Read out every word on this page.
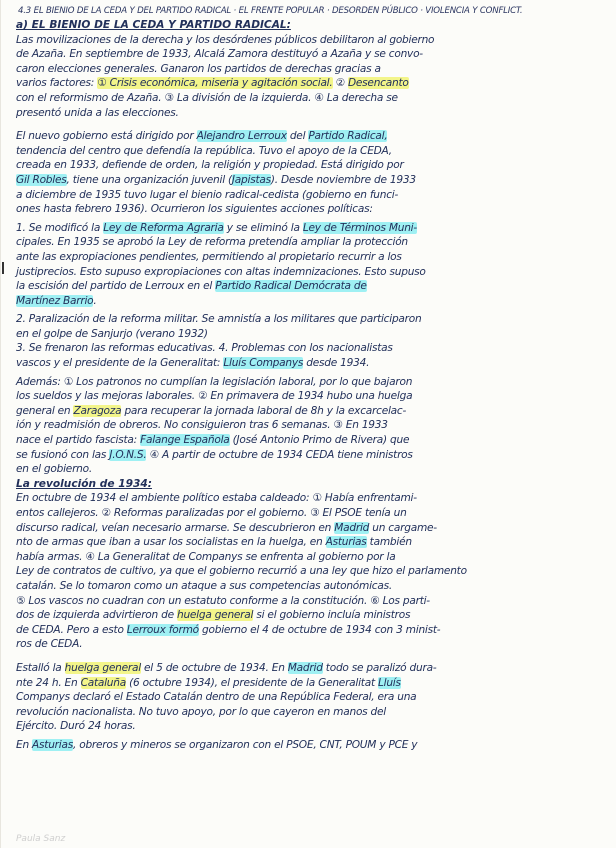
4.3 EL BIENIO DE LA CEDA Y DEL PARTIDO RADICAL · EL FRENTE POPULAR · DESORDEN PÚBLICO · VIOLENCIA Y CONFLICT.
a) EL BIENIO DE LA CEDA Y PARTIDO RADICAL:
Las movilizaciones de la derecha y los desórdenes públicos debilitaron al gobierno
de Azaña. En septiembre de 1933, Alcalá Zamora destituyó a Azaña y se convo-
caron elecciones generales. Ganaron los partidos de derechas gracias a
varios factores: ① Crisis económica, miseria y agitación social. ② Desencanto
con el reformismo de Azaña. ③ La división de la izquierda. ④ La derecha se
presentó unida a las elecciones.
El nuevo gobierno está dirigido por Alejandro Lerroux del Partido Radical,
tendencia del centro que defendía la república. Tuvo el apoyo de la CEDA,
creada en 1933, defiende de orden, la religión y propiedad. Está dirigido por
Gil Robles, tiene una organización juvenil (Japistas). Desde noviembre de 1933
a diciembre de 1935 tuvo lugar el bienio radical-cedista (gobierno en funci-
ones hasta febrero 1936). Ocurrieron los siguientes acciones políticas:
1. Se modificó la Ley de Reforma Agraria y se eliminó la Ley de Términos Muni-
cipales. En 1935 se aprobó la Ley de reforma pretendía ampliar la protección
ante las expropiaciones pendientes, permitiendo al propietario recurrir a los
justiprecios. Esto supuso expropiaciones con altas indemnizaciones. Esto supuso
la escisión del partido de Lerroux en el Partido Radical Demócrata de
Martínez Barrio.
2. Paralización de la reforma militar. Se amnistía a los militares que participaron
en el golpe de Sanjurjo (verano 1932)
3. Se frenaron las reformas educativas. 4. Problemas con los nacionalistas
vascos y el presidente de la Generalitat: Lluís Companys desde 1934.
Además: ① Los patronos no cumplían la legislación laboral, por lo que bajaron
los sueldos y las mejoras laborales. ② En primavera de 1934 hubo una huelga
general en Zaragoza para recuperar la jornada laboral de 8h y la excarcelac-
ión y readmisión de obreros. No consiguieron tras 6 semanas. ③ En 1933
nace el partido fascista: Falange Española (José Antonio Primo de Rivera) que
se fusionó con las J.O.N.S. ④ A partir de octubre de 1934 CEDA tiene ministros
en el gobierno.
La revolución de 1934:
En octubre de 1934 el ambiente político estaba caldeado: ① Había enfrentami-
entos callejeros. ② Reformas paralizadas por el gobierno. ③ El PSOE tenía un
discurso radical, veían necesario armarse. Se descubrieron en Madrid un cargame-
nto de armas que iban a usar los socialistas en la huelga, en Asturias también
había armas. ④ La Generalitat de Companys se enfrenta al gobierno por la
Ley de contratos de cultivo, ya que el gobierno recurrió a una ley que hizo el parlamento
catalán. Se lo tomaron como un ataque a sus competencias autonómicas.
⑤ Los vascos no cuadran con un estatuto conforme a la constitución. ⑥ Los parti-
dos de izquierda advirtieron de huelga general si el gobierno incluía ministros
de CEDA. Pero a esto Lerroux formó gobierno el 4 de octubre de 1934 con 3 minist-
ros de CEDA.
Estalló la huelga general el 5 de octubre de 1934. En Madrid todo se paralizó dura-
nte 24 h. En Cataluña (6 octubre 1934), el presidente de la Generalitat Lluís
Companys declaró el Estado Catalán dentro de una República Federal, era una
revolución nacionalista. No tuvo apoyo, por lo que cayeron en manos del
Ejército. Duró 24 horas.
En Asturias, obreros y mineros se organizaron con el PSOE, CNT, POUM y PCE y
Paula Sanz
